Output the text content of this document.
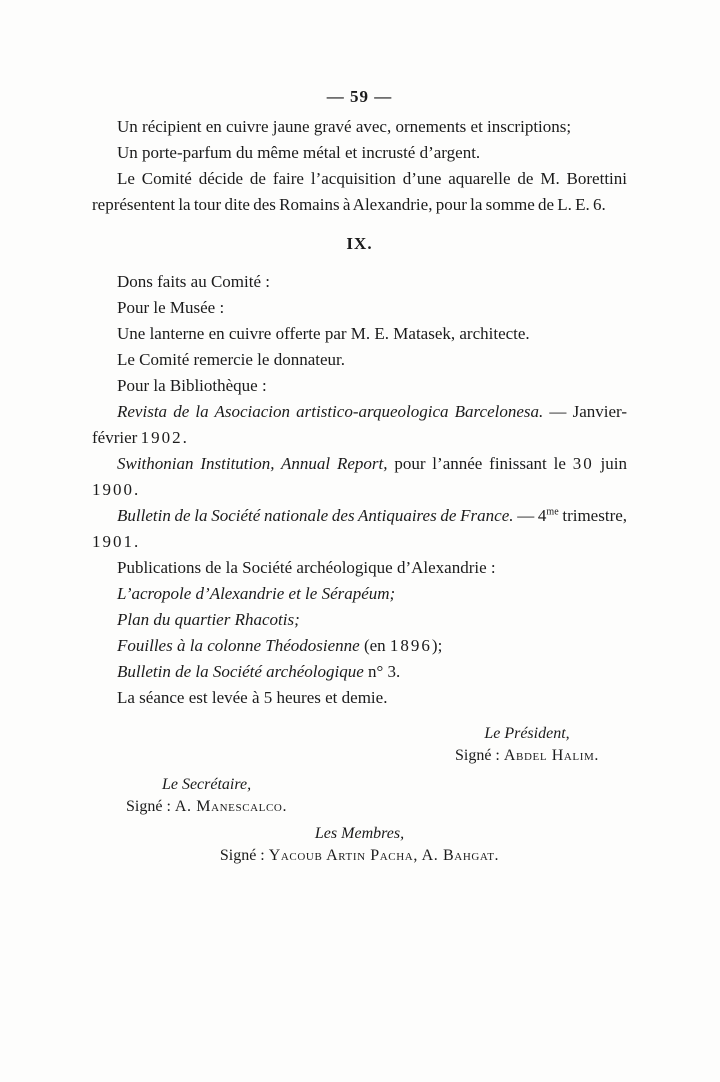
— 59 —
Un récipient en cuivre jaune gravé avec, ornements et inscriptions;
Un porte-parfum du même métal et incrusté d’argent.
Le Comité décide de faire l’acquisition d’une aquarelle de M. Borettini représentent la tour dite des Romains à Alexandrie, pour la somme de L. E. 6.
IX.
Dons faits au Comité :
Pour le Musée :
Une lanterne en cuivre offerte par M. E. Matasek, architecte.
Le Comité remercie le donnateur.
Pour la Bibliothèque :
Revista de la Asociacion artistico-arqueologica Barcelonesa. — Janvier-février 1902.
Swithonian Institution, Annual Report, pour l’année finissant le 30 juin 1900.
Bulletin de la Société nationale des Antiquaires de France. — $4^{me}$ trimestre, 1901.
Publications de la Société archéologique d’Alexandrie :
L’acropole d’Alexandrie et le Sérapéum;
Plan du quartier Rhacotis;
Fouilles à la colonne Théodosienne (en 1896);
Bulletin de la Société archéologique n° 3.
La séance est levée à 5 heures et demie.
Le Président,
Signé : Abdel Halim.
Le Secrétaire,
Signé : A. Manescalco.
Les Membres,
Signé : Yacoub Artin Pacha, A. Bahgat.
